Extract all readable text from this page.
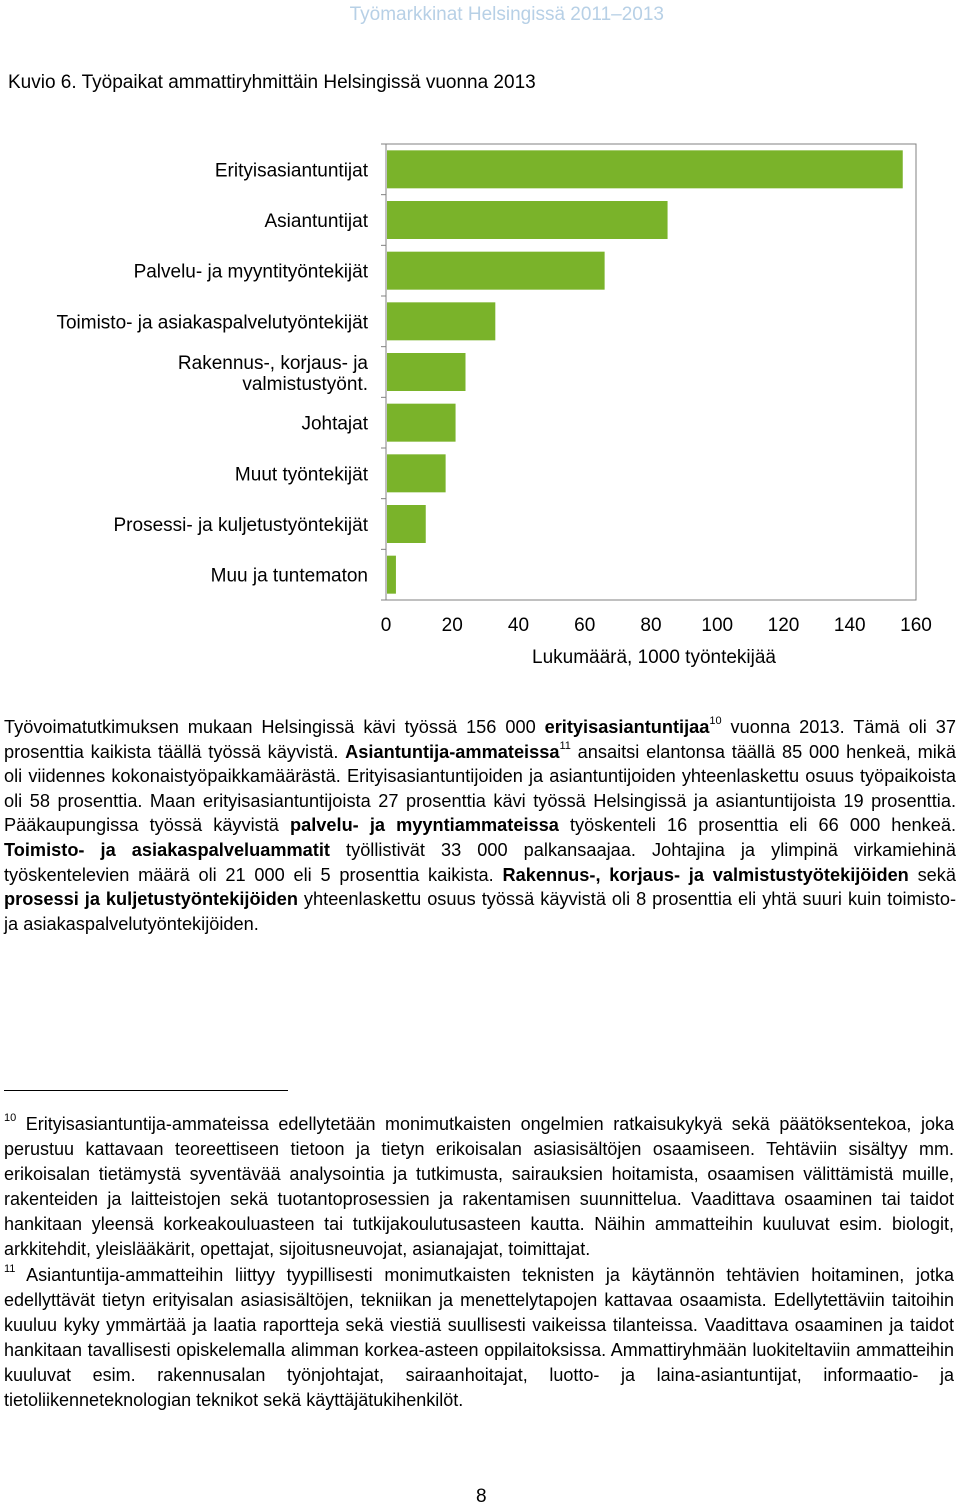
Työmarkkinat Helsingissä 2011–2013
Kuvio 6. Työpaikat ammattiryhmittäin Helsingissä vuonna 2013
Erityisasiantuntijat
Asiantuntijat
Palvelu- ja myyntityöntekijät
Toimisto- ja asiakaspalvelutyöntekijät
Rakennus-, korjaus- ja valmistustyönt.
Johtajat
Muut työntekijät
Prosessi- ja kuljetustyöntekijät
Muu ja tuntematon
0	20 40 60 80 100 120 140 160
Lukumäärä, 1000 työntekijää

Työvoimatutkimuksen mukaan Helsingissä kävi työssä 156 000 erityisasiantuntijaa$^{10}$ vuonna 2013. Tämä oli 37 prosenttia kaikista täällä työssä käyvistä. Asiantuntija-ammateissa$^{11}$ ansaitsi elantonsa täällä 85 000 henkeä, mikä oli viidennes kokonaistyöpaikkamäärästä. Erityisasiantuntijoiden ja asiantuntijoiden yhteenlaskettu osuus työpaikoista oli 58 prosenttia. Maan erityisasiantuntijoista 27 prosenttia kävi työssä Helsingissä ja asiantuntijoista 19 prosenttia. Pääkaupungissa työssä käyvistä palvelu- ja myyntiammateissa työskenteli 16 prosenttia eli 66 000 henkeä. Toimisto- ja asiakaspalveluammatit työllistivät 33 000 palkansaajaa. Johtajina ja ylimpinä virkamiehinä työskentelevien määrä oli 21 000 eli 5 prosenttia kaikista. Rakennus-, korjaus- ja valmistustyötekijöiden sekä prosessi ja kuljetustyöntekijöiden yhteenlaskettu osuus työssä käyvistä oli 8 prosenttia eli yhtä suuri kuin toimisto- ja asiakaspalvelutyöntekijöiden.

$^{10}$ Erityisasiantuntija-ammateissa edellytetään monimutkaisten ongelmien ratkaisukykyä sekä päätöksentekoa, joka perustuu kattavaan teoreettiseen tietoon ja tietyn erikoisalan asiasisältöjen osaamiseen. Tehtäviin sisältyy mm. erikoisalan tietämystä syventävää analysointia ja tutkimusta, sairauksien hoitamista, osaamisen välittämistä muille, rakenteiden ja laitteistojen sekä tuotantoprosessien ja rakentamisen suunnittelua. Vaadittava osaaminen tai taidot hankitaan yleensä korkeakouluasteen tai tutkijakoulutusasteen kautta. Näihin ammatteihin kuuluvat esim. biologit, arkkitehdit, yleislääkärit, opettajat, sijoitusneuvojat, asianajajat, toimittajat.

$^{11}$ Asiantuntija-ammatteihin liittyy tyypillisesti monimutkaisten teknisten ja käytännön tehtävien hoitaminen, jotka edellyttävät tietyn erityisalan asiasisältöjen, tekniikan ja menettelytapojen kattavaa osaamista. Edellytettäviin taitoihin kuuluu kyky ymmärtää ja laatia raportteja sekä viestiä suullisesti vaikeissa tilanteissa. Vaadittava osaaminen ja taidot hankitaan tavallisesti opiskelemalla alimman korkea-asteen oppilaitoksissa. Ammattiryhmään luokiteltaviin ammatteihin kuuluvat esim. rakennusalan työnjohtajat, sairaanhoitajat, luotto- ja laina-asiantuntijat, informaatio- ja tietoliikenneteknologian teknikot sekä käyttäjätukihenkilöt.

8
